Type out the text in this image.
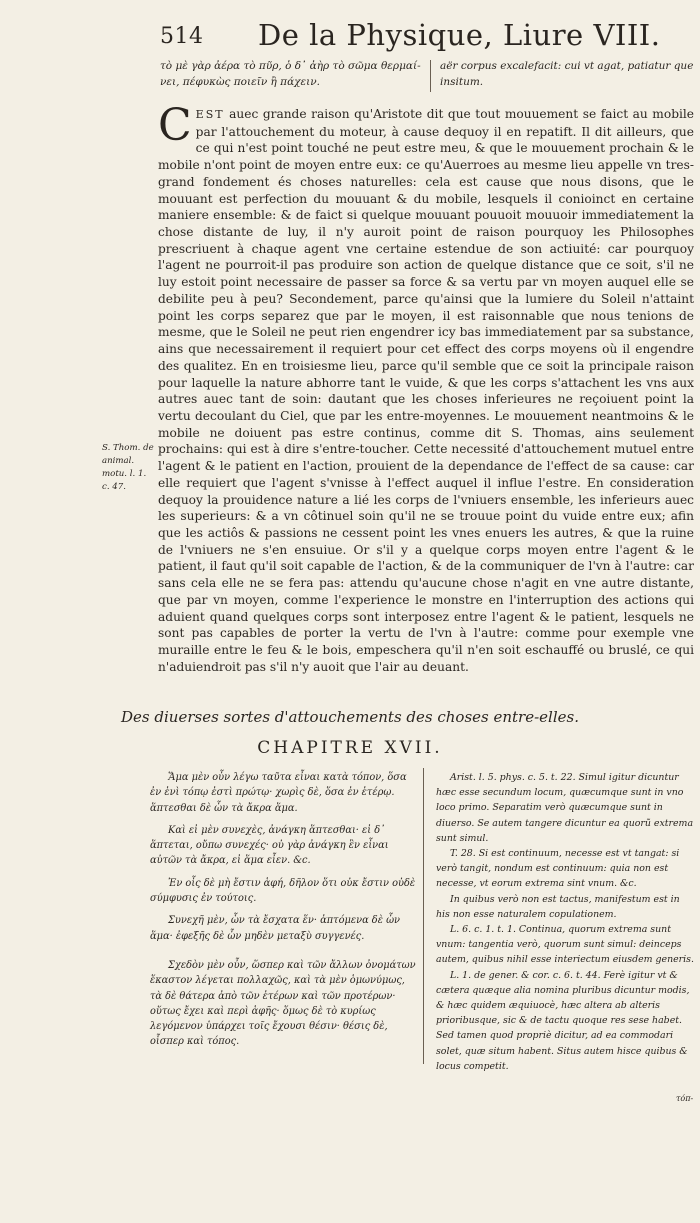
514 De la Physique, Liure VIII.
τὸ μὲ γὰρ ἀέρα τὸ πῦρ, ὁ δ᾽ ἀὴρ τὸ σῶμα θερμαί-νει, πέφυκὼς ποιεῖν ἢ πάχειν.
aër corpus excalefacit: cui vt agat, patiatur que insitum.

CEST auec grande raison qu'Aristote dit que tout mouuement se faict au mobile par l'attouchement du moteur, à cause dequoy il en repatift. Il dit ailleurs, que ce qui n'est point touché ne peut estre meu, & que le mouuement prochain & le mobile n'ont point de moyen entre eux: ce qu'Auerroes au mesme lieu appelle vn tres-grand fondement és choses naturelles: cela est cause que nous disons, que le mouuant est perfection du mouuant & du mobile, lesquels il conioinct en certaine maniere ensemble: & de faict si quelque mouuant pouuoit mouuoir immediatement la chose distante de luy, il n'y auroit point de raison pourquoy les Philosophes prescriuent à chaque agent vne certaine estendue de son actiuité: car pourquoy l'agent ne pourroit-il pas produire son action de quelque distance que ce soit, s'il ne luy estoit point necessaire de passer sa force & sa vertu par vn moyen auquel elle se debilite peu à peu? Secondement, parce qu'ainsi que la lumiere du Soleil n'attaint point les corps separez que par le moyen, il est raisonnable que nous tenions de mesme, que le Soleil ne peut rien engendrer icy bas immediatement par sa substance, ains que necessairement il requiert pour cet effect des corps moyens où il engendre des qualitez. En en troisiesme lieu, parce qu'il semble que ce soit la principale raison pour laquelle la nature abhorre tant le vuide, & que les corps s'attachent les vns aux autres auec tant de soin: dautant que les choses inferieures ne reçoiuent point la vertu decoulant du Ciel, que par les entre-moyennes. Le mouuement neantmoins & le mobile ne doiuent pas estre continus, comme dit S. Thomas, ains seulement prochains: qui est à dire s'entre-toucher. Cette necessité d'attouchement mutuel entre l'agent & le patient en l'action, prouient de la dependance de l'effect de sa cause: car elle requiert que l'agent s'vnisse à l'effect auquel il influe l'estre. En consideration dequoy la prouidence nature a lié les corps de l'vniuers ensemble, les inferieurs auec les superieurs: & a vn côtinuel soin qu'il ne se trouue point du vuide entre eux; afin que les actiôs & passions ne cessent point les vnes enuers les autres, & que la ruine de l'vniuers ne s'en ensuiue. Or s'il y a quelque corps moyen entre l'agent & le patient, il faut qu'il soit capable de l'action, & de la communiquer de l'vn à l'autre: car sans cela elle ne se fera pas: attendu qu'aucune chose n'agit en vne autre distante, que par vn moyen, comme l'experience le monstre en l'interruption des actions qui aduient quand quelques corps sont interposez entre l'agent & le patient, lesquels ne sont pas capables de porter la vertu de l'vn à l'autre: comme pour exemple vne muraille entre le feu & le bois, empeschera qu'il n'en soit eschauffé ou bruslé, ce qui n'aduiendroit pas s'il n'y auoit que l'air au deuant.

S. Thom. de animal. motu. l. 1. c. 47.

Des diuerses sortes d'attouchements des choses entre-elles.
CHAPITRE XVII.

Ἅμα μὲν οὖν λέγω ταῦτα εἶναι κατὰ τόπον, ὅσα ἐν ἑνὶ τόπῳ ἐστὶ πρώτῳ· χωρὶς δὲ, ὅσα ἐν ἑτέρῳ. ἅπτεσθαι δὲ ὧν τὰ ἄκρα ἅμα.

Καὶ εἰ μὲν συνεχὲς, ἀνάγκη ἅπτεσθαι· εἰ δ᾽ ἅπτεται, οὔπω συνεχές· οὐ γὰρ ἀνάγκη ἓν εἶναι αὐτῶν τὰ ἄκρα, εἰ ἅμα εἶεν. &c.

Ἐν οἷς δὲ μὴ ἔστιν ἁφή, δῆλον ὅτι οὐκ ἔστιν οὐδὲ σύμφυσις ἐν τούτοις.

Συνεχῆ μὲν, ὧν τὰ ἔσχατα ἕν· ἁπτόμενα δὲ ὧν ἅμα· ἐφεξῆς δὲ ὧν μηδὲν μεταξὺ συγγενές.

Σχεδὸν μὲν οὖν, ὥσπερ καὶ τῶν ἄλλων ὀνομάτων ἕκαστον λέγεται πολλαχῶς, καὶ τὰ μὲν ὁμωνύμως, τὰ δὲ θάτερα ἀπὸ τῶν ἑτέρων καὶ τῶν προτέρων· οὕτως ἔχει καὶ περὶ ἁφῆς· ὅμως δὲ τὸ κυρίως λεγόμενον ὑπάρχει τοῖς ἔχουσι θέσιν· θέσις δὲ, οἷσπερ καὶ τόπος.

Arist. l. 5. phys. c. 5. t. 22. Simul igitur dicuntur hæc esse secundum locum, quæcumque sunt in vno loco primo. Separatim verò quæcumque sunt in diuerso. Se autem tangere dicuntur ea quorũ extrema sunt simul.

T. 28. Si est continuum, necesse est vt tangat: si verò tangit, nondum est continuum: quia non est necesse, vt eorum extrema sint vnum. &c.

In quibus verò non est tactus, manifestum est in his non esse naturalem copulationem.

L. 6. c. 1. t. 1. Continua, quorum extrema sunt vnum: tangentia verò, quorum sunt simul: deinceps autem, quibus nihil esse interiectum eiusdem generis.

L. 1. de gener. & cor. c. 6. t. 44. Ferè igitur vt & cætera quæque alia nomina pluribus dicuntur modis, & hæc quidem æquiuocè, hæc altera ab alteris prioribusque, sic & de tactu quoque res sese habet. Sed tamen quod propriè dicitur, ad ea commodari solet, quæ situm habent. Situs autem hisce quibus & locus competit.

τόπ-
